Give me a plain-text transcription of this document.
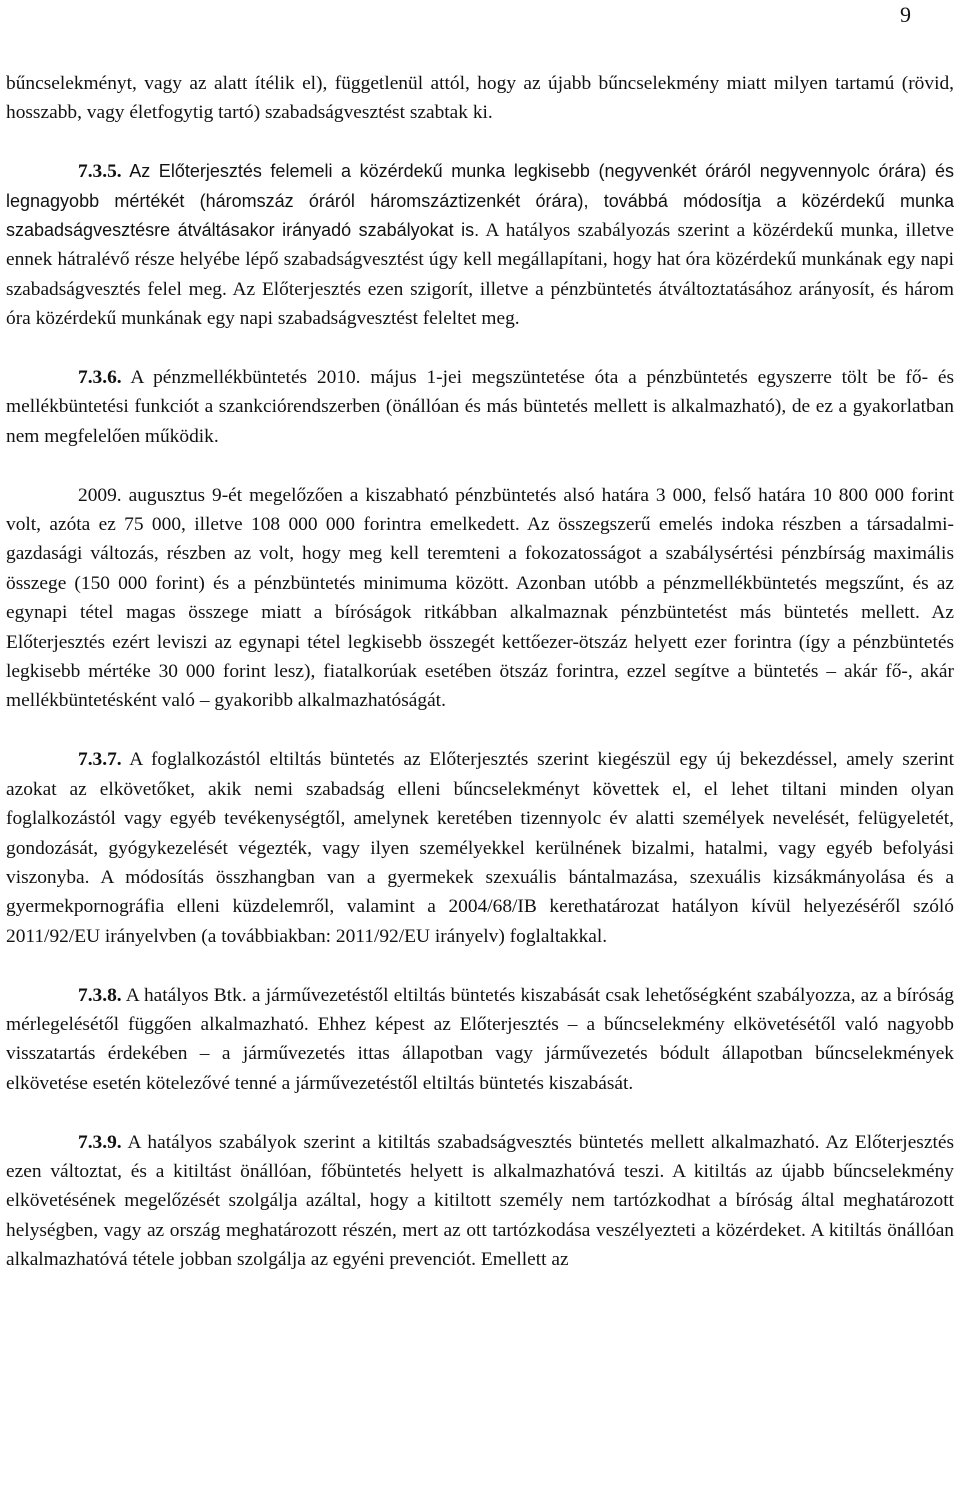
9

bűncselekményt, vagy az alatt ítélik el), függetlenül attól, hogy az újabb bűncselekmény miatt milyen tartamú (rövid, hosszabb, vagy életfogytig tartó) szabadságvesztést szabtak ki.

7.3.5. Az Előterjesztés felemeli a közérdekű munka legkisebb (negyvenkét óráról negyvennyolc órára) és legnagyobb mértékét (háromszáz óráról háromszáztizenkét órára), továbbá módosítja a közérdekű munka szabadságvesztésre átváltásakor irányadó szabályokat is. A hatályos szabályozás szerint a közérdekű munka, illetve ennek hátralévő része helyébe lépő szabadságvesztést úgy kell megállapítani, hogy hat óra közérdekű munkának egy napi szabadságvesztés felel meg. Az Előterjesztés ezen szigorít, illetve a pénzbüntetés átváltoztatásához arányosít, és három óra közérdekű munkának egy napi szabadságvesztést feleltet meg.

7.3.6. A pénzmellékbüntetés 2010. május 1-jei megszüntetése óta a pénzbüntetés egyszerre tölt be fő- és mellékbüntetési funkciót a szankciórendszerben (önállóan és más büntetés mellett is alkalmazható), de ez a gyakorlatban nem megfelelően működik.

2009. augusztus 9-ét megelőzően a kiszabható pénzbüntetés alsó határa 3 000, felső határa 10 800 000 forint volt, azóta ez 75 000, illetve 108 000 000 forintra emelkedett. Az összegszerű emelés indoka részben a társadalmi-gazdasági változás, részben az volt, hogy meg kell teremteni a fokozatosságot a szabálysértési pénzbírság maximális összege (150 000 forint) és a pénzbüntetés minimuma között. Azonban utóbb a pénzmellékbüntetés megszűnt, és az egynapi tétel magas összege miatt a bíróságok ritkábban alkalmaznak pénzbüntetést más büntetés mellett. Az Előterjesztés ezért leviszi az egynapi tétel legkisebb összegét kettőezer-ötszáz helyett ezer forintra (így a pénzbüntetés legkisebb mértéke 30 000 forint lesz), fiatalkorúak esetében ötszáz forintra, ezzel segítve a büntetés – akár fő-, akár mellékbüntetésként való – gyakoribb alkalmazhatóságát.

7.3.7. A foglalkozástól eltiltás büntetés az Előterjesztés szerint kiegészül egy új bekezdéssel, amely szerint azokat az elkövetőket, akik nemi szabadság elleni bűncselekményt követtek el, el lehet tiltani minden olyan foglalkozástól vagy egyéb tevékenységtől, amelynek keretében tizennyolc év alatti személyek nevelését, felügyeletét, gondozását, gyógykezelését végezték, vagy ilyen személyekkel kerülnének bizalmi, hatalmi, vagy egyéb befolyási viszonyba. A módosítás összhangban van a gyermekek szexuális bántalmazása, szexuális kizsákmányolása és a gyermekpornográfia elleni küzdelemről, valamint a 2004/68/IB kerethatározat hatályon kívül helyezéséről szóló 2011/92/EU irányelvben (a továbbiakban: 2011/92/EU irányelv) foglaltakkal.

7.3.8. A hatályos Btk. a járművezetéstől eltiltás büntetés kiszabását csak lehetőségként szabályozza, az a bíróság mérlegelésétől függően alkalmazható. Ehhez képest az Előterjesztés – a bűncselekmény elkövetésétől való nagyobb visszatartás érdekében – a járművezetés ittas állapotban vagy járművezetés bódult állapotban bűncselekmények elkövetése esetén kötelezővé tenné a járművezetéstől eltiltás büntetés kiszabását.

7.3.9. A hatályos szabályok szerint a kitiltás szabadságvesztés büntetés mellett alkalmazható. Az Előterjesztés ezen változtat, és a kitiltást önállóan, főbüntetés helyett is alkalmazhatóvá teszi. A kitiltás az újabb bűncselekmény elkövetésének megelőzését szolgálja azáltal, hogy a kitiltott személy nem tartózkodhat a bíróság által meghatározott helységben, vagy az ország meghatározott részén, mert az ott tartózkodása veszélyezteti a közérdeket. A kitiltás önállóan alkalmazhatóvá tétele jobban szolgálja az egyéni prevenciót. Emellett az
